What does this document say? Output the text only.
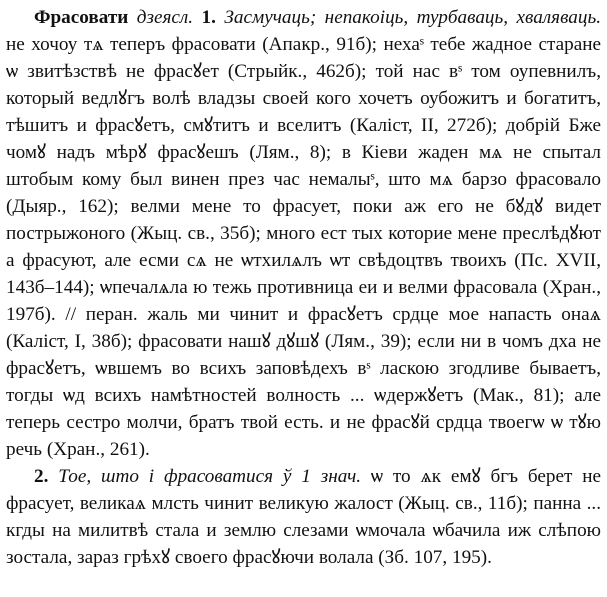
Фрасовати дзеясл. 1. Засмучаць; непакоіць, турбаваць, хваляваць. не хочоу тѧ теперъ фрасовати (Апакр., 91б); нехаˢ тебе жадное старане ѡ звитѣзствѣ не фрасꙋет (Стрыйк., 462б); той наc вˢ том оупевнилъ, который ведлꙋгъ волѣ владзы своей кого хочетъ оубожитъ и богатитъ, тѣшитъ и фрасꙋетъ, смꙋтитъ и вселитъ (Каліст, II, 272б); добрій Бже чомꙋ надъ мѣрꙋ фрасꙋешъ (Лям., 8); в Кіеви жаден мѧ не спытал штобым кому был винен през час немалыˢ, што мѧ барзо фрасовало (Дыяр., 162); велми мене то фрасует, поки аж его не бꙋдꙋ видет пострыжоного (Жыц. св., 35б); много ест тых которие мене преслѣдꙋют а фрасуют, але есми сѧ не ѡтхилѧлъ ѡт свѣдоцтвъ твоихъ (Пс. XVII, 143б–144); ѡпечалѧла ю тежь противница еи и велми фрасовала (Хран., 197б). // перан. жаль ми чинит и фрасꙋетъ срдце мое напасть онаѧ (Каліст, I, 38б); фрасовати нашꙋ дꙋшꙋ (Лям., 39); если ни в чомъ дха не фрасꙋетъ, ѡвшемъ во всихъ заповѣдехъ вˢ ласкою згодливе бываетъ, тогды ѡд всихъ намѣтностей волность ... ѡдержꙋетъ (Мак., 81); але теперь сестро молчи, братъ твой есть. и не фрасꙋй срдца твоегѡ ѡ тꙋю речь (Хран., 261).

2. Тое, што і фрасоватися ў 1 знач. ѡ то ѧк емꙋ бгъ берет не фрасует, великаѧ млсть чинит великую жалост (Жыц. св., 11б); панна ... кгды на милитвѣ стала и землю слезами ѡмочала ѡбачила иж слѣпою зостала, зараз грѣхꙋ своего фрасꙋючи волала (Зб. 107, 195).
